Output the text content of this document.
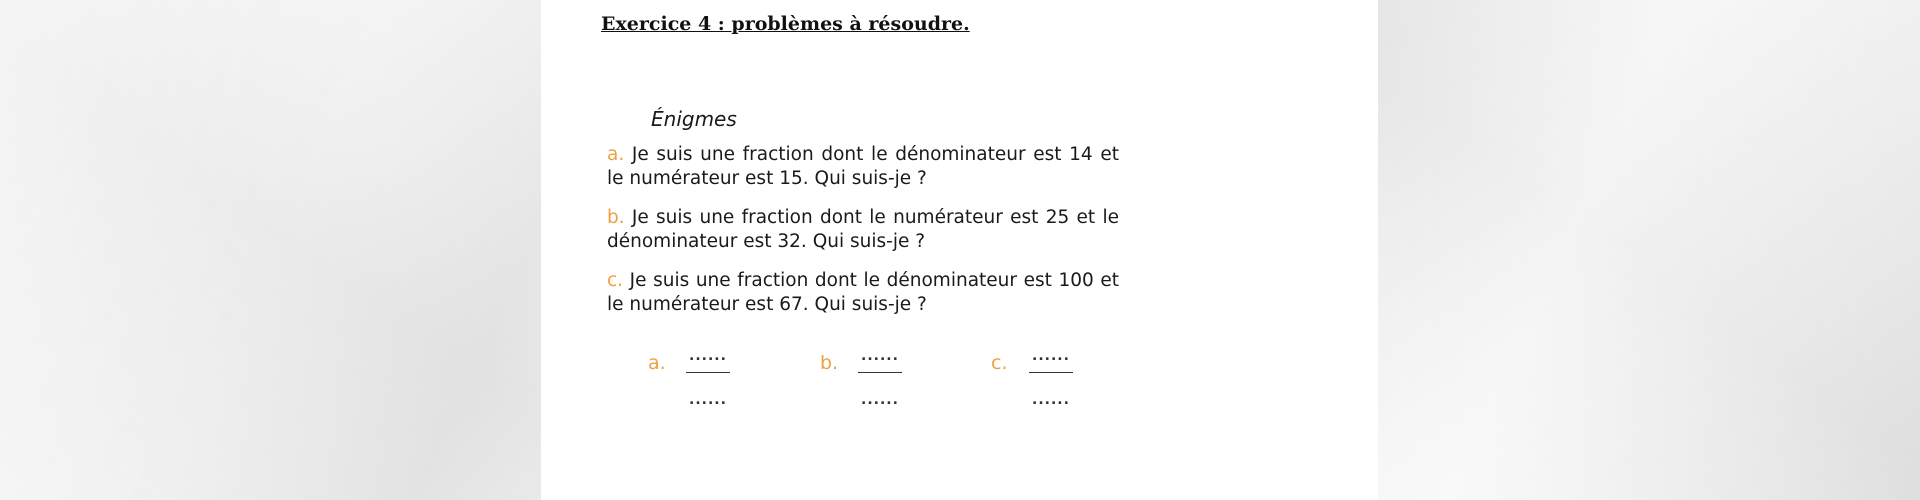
Exercice 4 : problèmes à résoudre.
Énigmes

a. Je suis une fraction dont le dénominateur est 14 et le numérateur est 15. Qui suis-je ?

b. Je suis une fraction dont le numérateur est 25 et le dénominateur est 32. Qui suis-je ?

c. Je suis une fraction dont le dénominateur est 100 et le numérateur est 67. Qui suis-je ?

a. ......
......
b. ......
......
c. ......
......
